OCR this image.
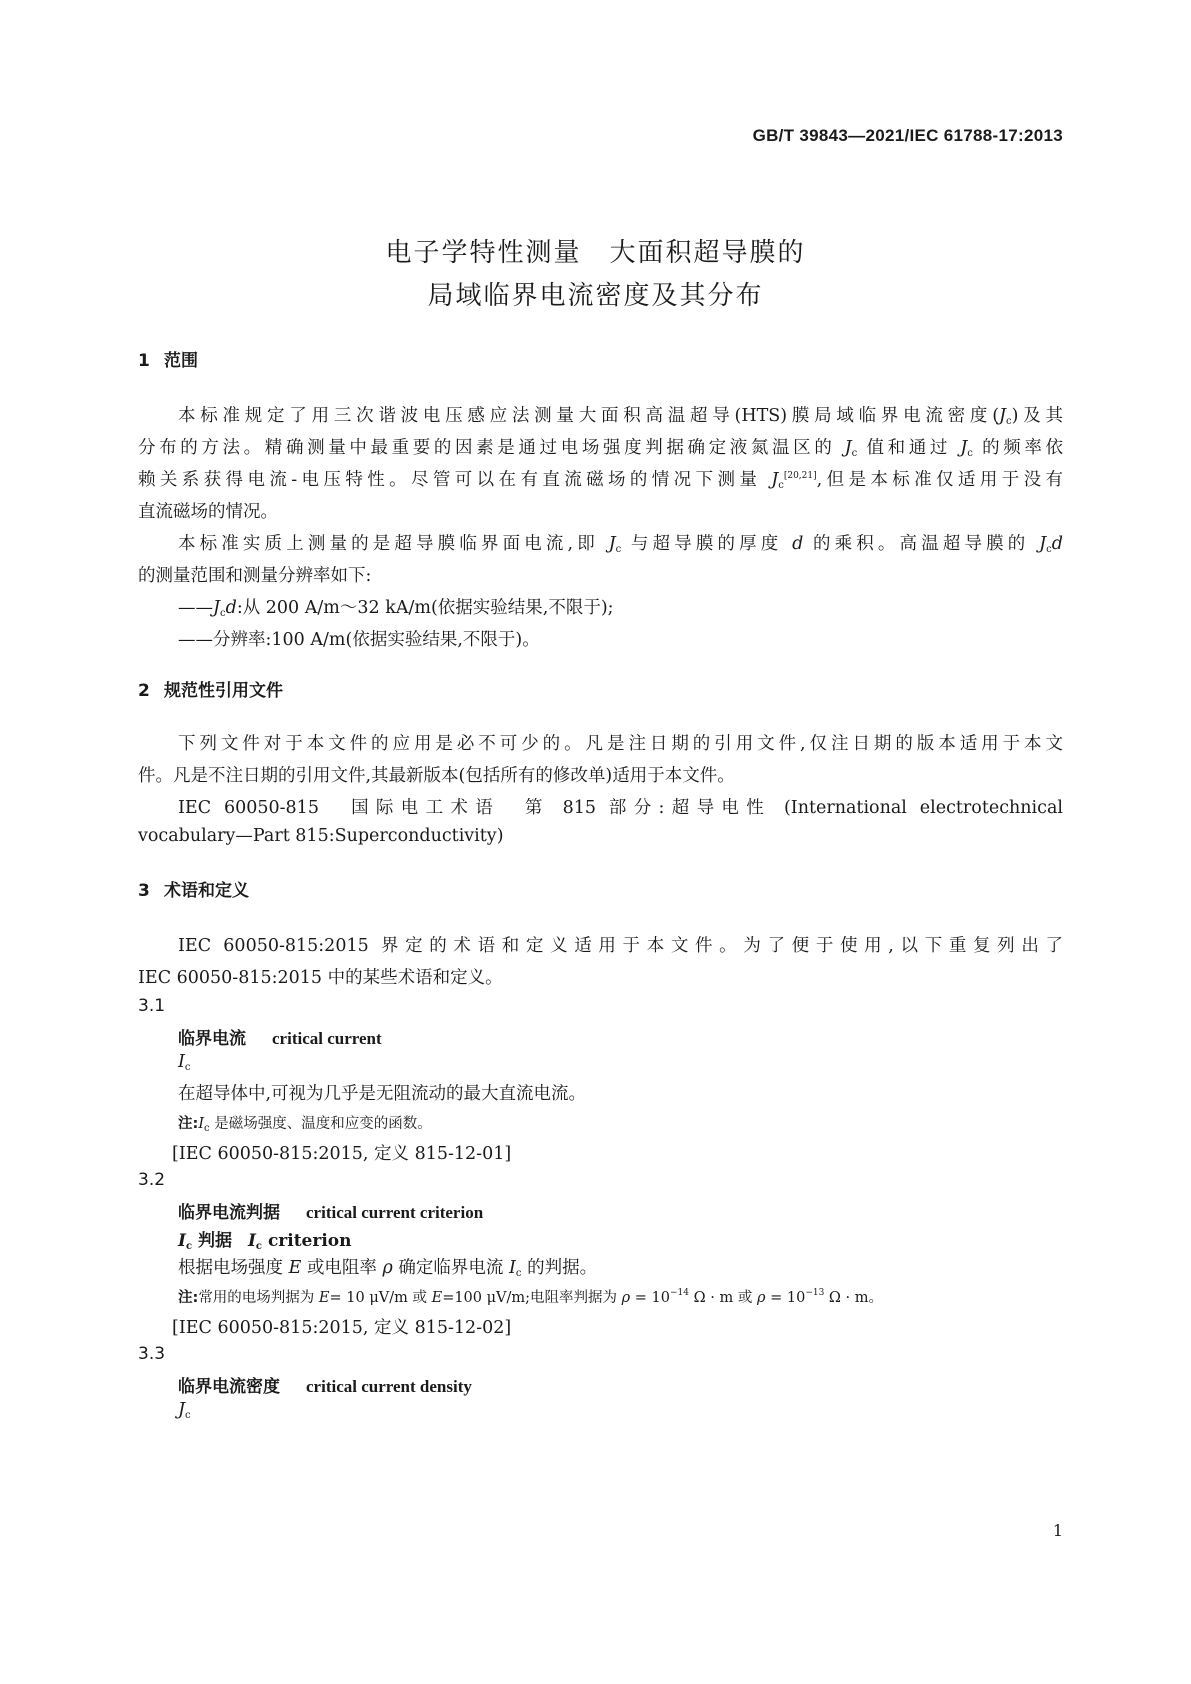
GB/T 39843—2021/IEC 61788-17:2013
电子学特性测量　大面积超导膜的
局域临界电流密度及其分布
1 范围
本标准规定了用三次谐波电压感应法测量大面积高温超导(HTS)膜局域临界电流密度$(J_c)$及其
分布的方法。精确测量中最重要的因素是通过电场强度判据确定液氮温区的 $J_c$ 值和通过 $J_c$ 的频率依
赖关系获得电流-电压特性。尽管可以在有直流磁场的情况下测量 $J_c[20,21]$,但是本标准仅适用于没有
直流磁场的情况。
本标准实质上测量的是超导膜临界面电流,即 $J_c$ 与超导膜的厚度 d 的乘积。高温超导膜的 $J_cd$
的测量范围和测量分辨率如下:
$——J_cd$:从 200 A/m～32 kA/m(依据实验结果,不限于);
——分辨率:100 A/m(依据实验结果,不限于)。
2 规范性引用文件
下列文件对于本文件的应用是必不可少的。凡是注日期的引用文件,仅注日期的版本适用于本文
件。凡是不注日期的引用文件,其最新版本(包括所有的修改单)适用于本文件。
IEC 60050-815　国际电工术语　第 815 部分:超导电性 (International electrotechnical
vocabulary—Part 815:Superconductivity)
3 术语和定义
IEC 60050-815:2015 界定的术语和定义适用于本文件。为了便于使用,以下重复列出了
IEC 60050-815:2015 中的某些术语和定义。
3.1
临界电流 critical current
$I_c$
在超导体中,可视为几乎是无阻流动的最大直流电流。
注$:I_c$ 是磁场强度、温度和应变的函数。
[IEC 60050-815:2015, 定义 815-12-01]
3.2
临界电流判据 critical current criterion
$I_c$ 判据 $I_c$ criterion
根据电场强度 E 或电阻率 ρ 确定临界电流 $I_c$ 的判据。
注:常用的电场判据为 E= 10 μV/m 或 E=100 μV/m;电阻率判据为 $\rho = 10^{-14}$ Ω · m 或 $\rho = 10^{-13}$ Ω · m。
[IEC 60050-815:2015, 定义 815-12-02]
3.3
临界电流密度 critical current density
$J_c$
1
